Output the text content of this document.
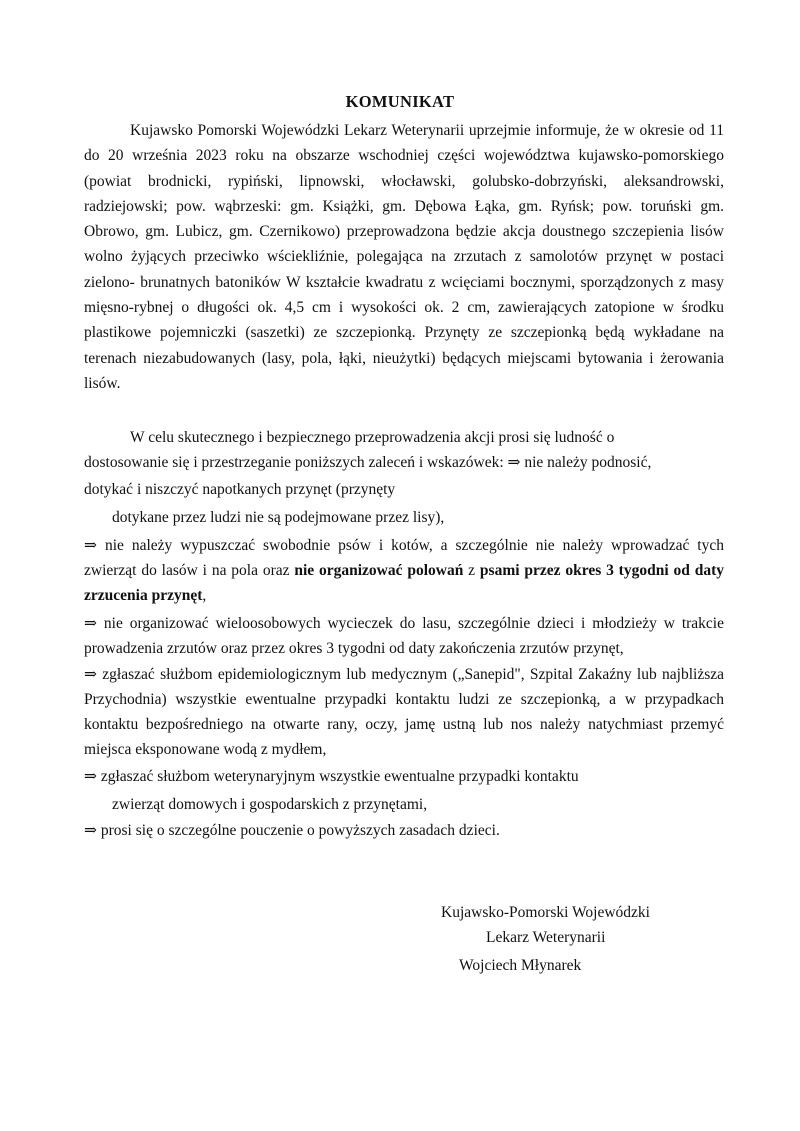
KOMUNIKAT
Kujawsko Pomorski Wojewódzki Lekarz Weterynarii uprzejmie informuje, że w okresie od 11 do 20 września 2023 roku na obszarze wschodniej części województwa kujawsko-pomorskiego (powiat brodnicki, rypiński, lipnowski, włocławski, golubsko-dobrzyński, aleksandrowski, radziejowski; pow. wąbrzeski: gm. Książki, gm. Dębowa Łąka, gm. Ryńsk; pow. toruński gm. Obrowo, gm. Lubicz, gm. Czernikowo) przeprowadzona będzie akcja doustnego szczepienia lisów wolno żyjących przeciwko wściekliźnie, polegająca na zrzutach z samolotów przynęt w postaci zielono- brunatnych batoników W kształcie kwadratu z wcięciami bocznymi, sporządzonych z masy mięsno-rybnej o długości ok. 4,5 cm i wysokości ok. 2 cm, zawierających zatopione w środku plastikowe pojemniczki (saszetki) ze szczepionką. Przynęty ze szczepionką będą wykładane na terenach niezabudowanych (lasy, pola, łąki, nieużytki) będących miejscami bytowania i żerowania lisów.
W celu skutecznego i bezpiecznego przeprowadzenia akcji prosi się ludność o
dostosowanie się i przestrzeganie poniższych zaleceń i wskazówek: ⇒ nie należy podnosić,
dotykać i niszczyć napotkanych przynęt (przynęty
dotykane przez ludzi nie są podejmowane przez lisy),
⇒ nie należy wypuszczać swobodnie psów i kotów, a szczególnie nie należy wprowadzać tych zwierząt do lasów i na pola oraz nie organizować polowań z psami przez okres 3 tygodni od daty zrzucenia przynęt,
⇒ nie organizować wieloosobowych wycieczek do lasu, szczególnie dzieci i młodzieży w trakcie prowadzenia zrzutów oraz przez okres 3 tygodni od daty zakończenia zrzutów przynęt,
⇒ zgłaszać służbom epidemiologicznym lub medycznym („Sanepid", Szpital Zakaźny lub najbliższa Przychodnia) wszystkie ewentualne przypadki kontaktu ludzi ze szczepionką, a w przypadkach kontaktu bezpośredniego na otwarte rany, oczy, jamę ustną lub nos należy natychmiast przemyć miejsca eksponowane wodą z mydłem,
⇒ zgłaszać służbom weterynaryjnym wszystkie ewentualne przypadki kontaktu
zwierząt domowych i gospodarskich z przynętami,
⇒ prosi się o szczególne pouczenie o powyższych zasadach dzieci.
Kujawsko-Pomorski Wojewódzki
Lekarz Weterynarii
Wojciech Młynarek
